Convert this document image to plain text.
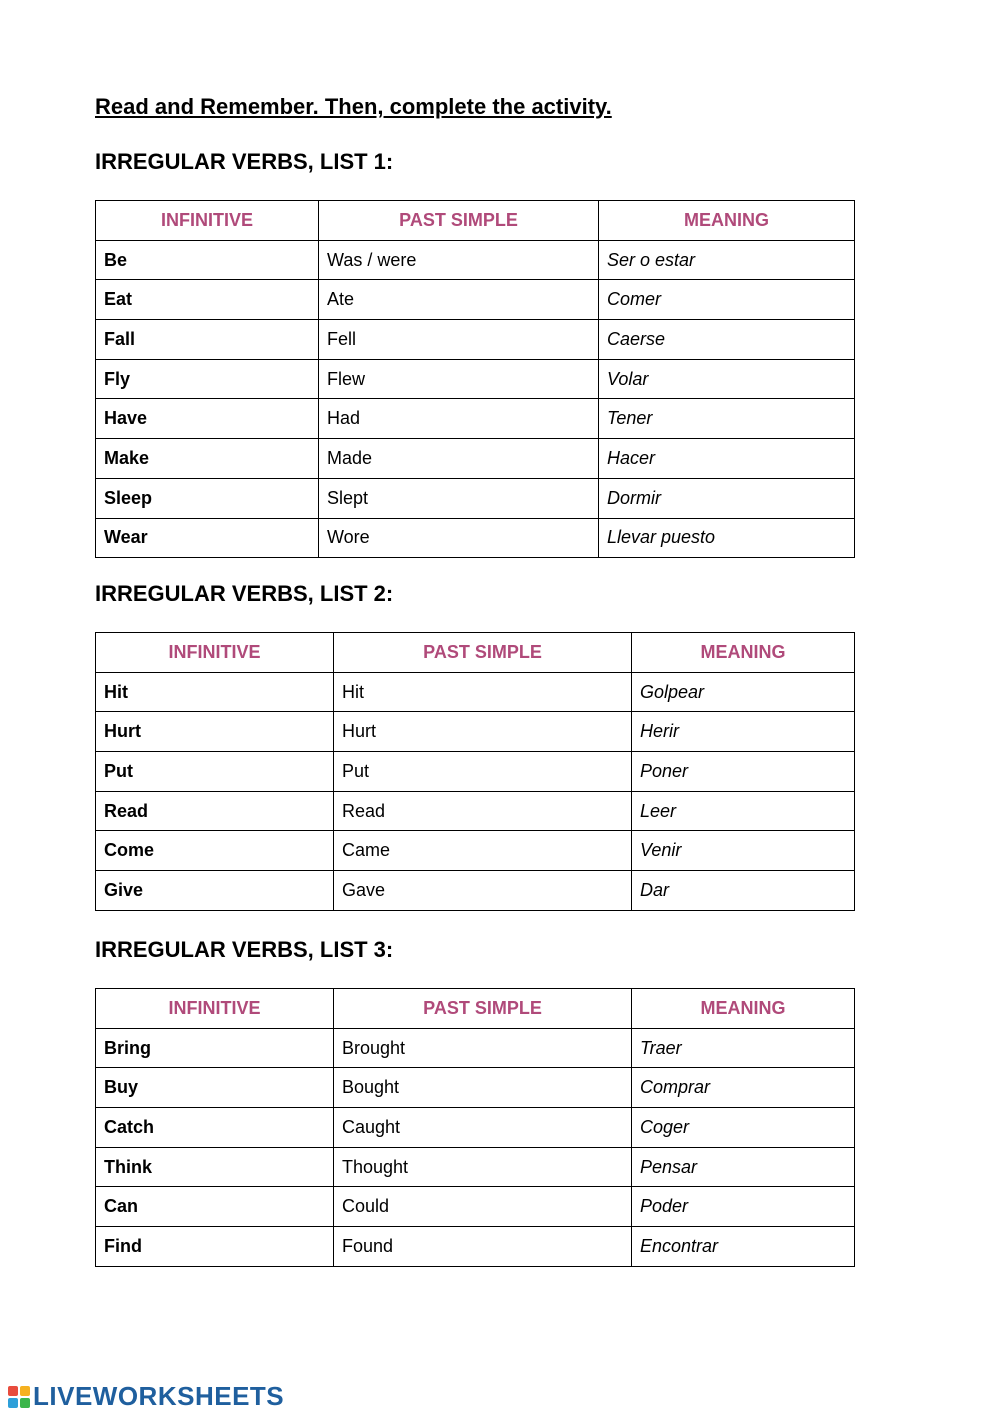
Read and Remember. Then, complete the activity.
IRREGULAR VERBS, LIST 1:
INFINITIVE	PAST SIMPLE	MEANING
Be	Was / were	Ser o estar
Eat	Ate	Comer
Fall	Fell	Caerse
Fly	Flew	Volar
Have	Had	Tener
Make	Made	Hacer
Sleep	Slept	Dormir
Wear	Wore	Llevar puesto
IRREGULAR VERBS, LIST 2:
INFINITIVE	PAST SIMPLE	MEANING
Hit	Hit	Golpear
Hurt	Hurt	Herir
Put	Put	Poner
Read	Read	Leer
Come	Came	Venir
Give	Gave	Dar
IRREGULAR VERBS, LIST 3:
INFINITIVE	PAST SIMPLE	MEANING
Bring	Brought	Traer
Buy	Bought	Comprar
Catch	Caught	Coger
Think	Thought	Pensar
Can	Could	Poder
Find	Found	Encontrar
LIVEWORKSHEETS
